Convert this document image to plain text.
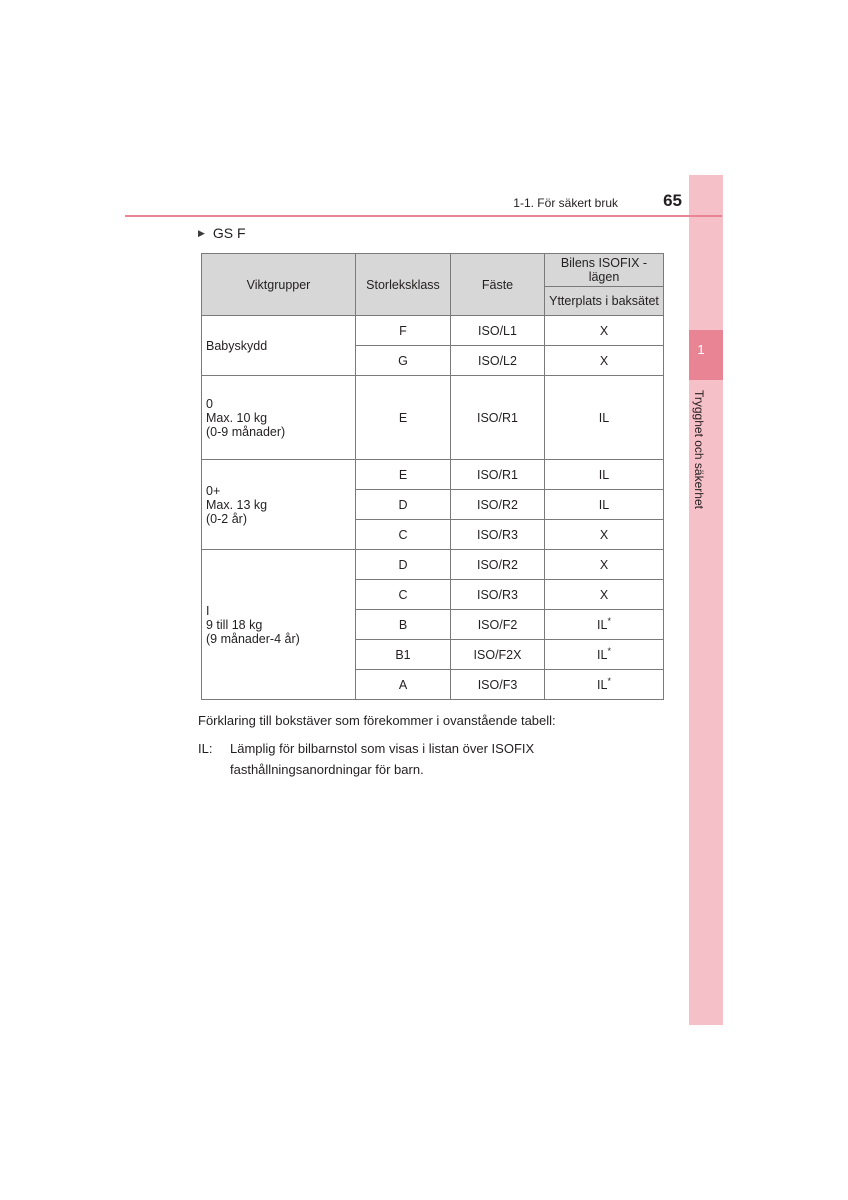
1
Trygghet och säkerhet
1-1. För säkert bruk	65
▶ GS F
Viktgrupper	Storleksklass	Fäste	Bilens ISOFIX -lägen
			Ytterplats i baksätet

Babyskydd	F	ISO/L1	X
	G	ISO/L2	X

0
Max. 10 kg
(0-9 månader)	E	ISO/R1	IL

0+
Max. 13 kg
(0-2 år)	E	ISO/R1	IL
	D	ISO/R2	IL
	C	ISO/R3	X

I
9 till 18 kg
(9 månader-4 år)	D	ISO/R2	X
	C	ISO/R3	X
	B	ISO/F2	IL*
	B1	ISO/F2X	IL*
	A	ISO/F3	IL*
Förklaring till bokstäver som förekommer i ovanstående tabell:
IL:	Lämplig för bilbarnstol som visas i listan över ISOFIX fasthållningsanordningar för barn.
